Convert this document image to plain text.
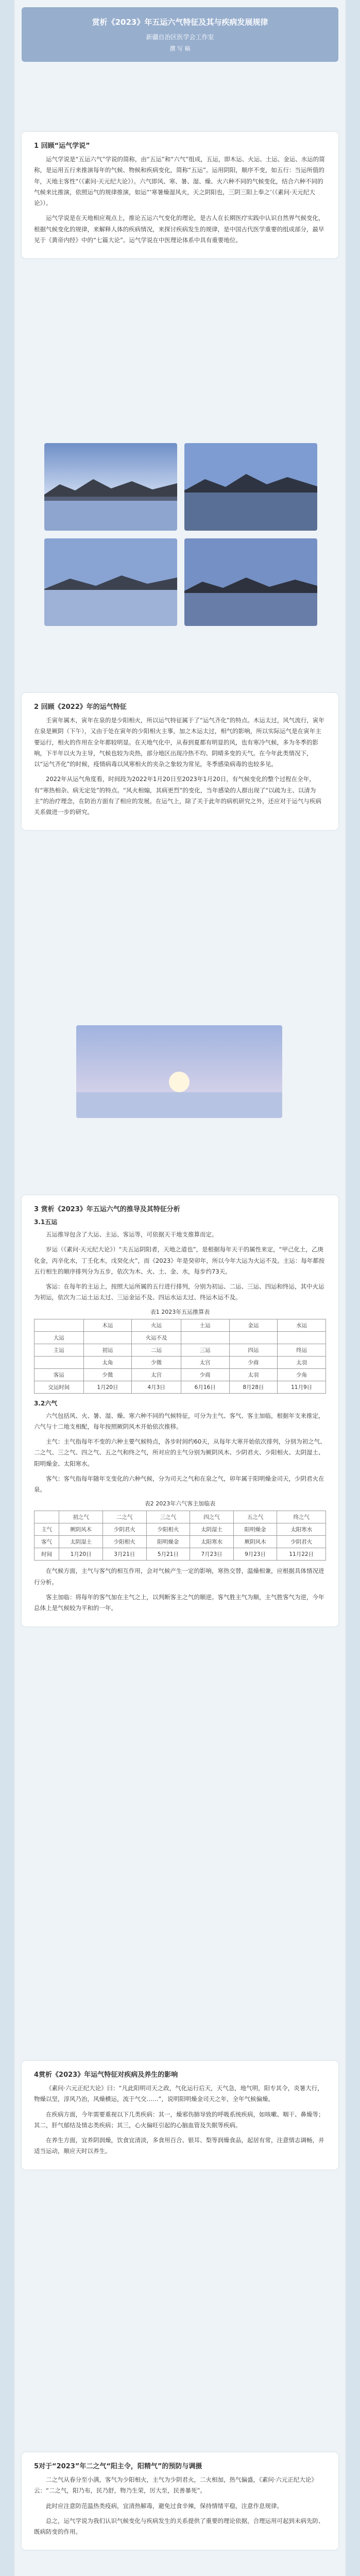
赏析《2023》年五运六气特征及其与疾病发展规律
新疆自治区医学会工作室
撰 写 稿
1 回顾“运气学说”

运气学说是“五运六气”学说的简称，由“五运”和“六气”组成，五运，即木运、火运、土运、金运、水运的简称，是运用五行来推演每年的气候、物候和疾病变化，简称“五运”。运用阴阳，顺序不变，如五行：当运所值的年，天地主客性“（《素问·天元纪大论》）。六气即风、寒、暑、湿、燥、火六种不同的气候变化，结合六种不同的气候来比推演，依照运气的规律推演，如运“‘寒暑燥湿风火，天之阴阳也，三阴三阳上奉之’（《素问·天元纪大论》）。

运气学说是在天地相应观点上，推论五运六气变化的理论，是古人在长期医疗实践中认识自然界气候变化，根据气候变化的规律，来解释人体的疾病情况，来探讨疾病发生的规律，是中国古代医学重要的组成部分，最早见于《黄帝内经》中的“七篇大论”。运气学说在中医理论体系中具有重要地位。

2 回顾《2022》年的运气特征

壬寅年属木，寅年在泉的是少阳相火，所以运气特征属于了“运气齐化”的特点。木运太过，风气流行，寅年在泉是厥阴（下午），又由于处在寅年的少阳相火主事，加之木运太过，相气的影响，所以实际运气是在寅年主要运行，相火的作用在全年都较明显。在天地气化中，从春到夏都有明显的风，也有寒冷气候，多为冬季的影响，下半年以火为主导，气候也较为炎热，部分地区出现冷热不均、阴晴多变的天气。在今年此类情况下，以“运气齐化”的时候，疫情病毒以风寒相火的夹杂之象较为常见，冬季感染病毒的也较多见。

2022年从运气角度看，时间段为2022年1月20日至2023年1月20日，有气候变化的整个过程在全年，有“寒热相杂、病无定处”的特点。“风火相煽，其病更烈”的变化，当年感染的人群出现了“以疏为主、以清为主”的治疗理念，在防治方面有了相应的发展。在运气上，除了关于此年的病机研究之外，还应对于运气与疾病关系做进一步的研究。

3 赏析《2023》年五运六气的推导及其特征分析
3.1五运

五运推导包含了大运、主运、客运等，可依据天干地支推算而定。

岁运（《素问·天元纪大论》）“夫五运阴阳者，天地之道也”，是根据每年天干的属性来定，“甲己化土，乙庚化金，丙辛化水，丁壬化木，戊癸化火”，而《2023》年是癸卯年，所以今年大运为火运不及。主运：每年都按五行相生的顺序排列分为五步，依次为木、火、土、金、水，每步约73天。

客运：在每年的主运上，按照大运所属的五行进行排列，分别为初运、二运、三运、四运和终运，其中火运为初运，依次为二运土运太过、三运金运不及、四运水运太过、终运木运不及。

表1 2023年五运推算表
	木运	火运	土运	金运	水运
大运		火运不及			
主运	初运	二运	三运	四运	终运
	太角	少徵	太宫	少商	太羽
客运	少徵	太宫	少商	太羽	少角
交运时间	1月20日	4月3日	6月16日	8月28日	11月9日
3.2六气

六气包括风、火、暑、湿、燥、寒六种不同的气候特征，可分为主气、客气、客主加临，根据年支来推定，六气与十二地支相配，每年按照厥阴风木开始依次推移。

主气：主气指每年不变的六种主要气候特点，各步时间约60天，从每年大寒开始依次排列，分别为初之气、二之气、三之气、四之气、五之气和终之气，所对应的主气分别为厥阴风木、少阴君火、少阳相火、太阴湿土、阳明燥金、太阳寒水。

客气：客气指每年随年支变化的六种气候，分为司天之气和在泉之气，卯年属于阳明燥金司天，少阴君火在泉。

表2 2023年六气客主加临表
	初之气	二之气	三之气	四之气	五之气	终之气
主气	厥阴风木	少阴君火	少阳相火	太阴湿土	阳明燥金	太阳寒水
客气	太阴湿土	少阳相火	阳明燥金	太阳寒水	厥阴风木	少阴君火
时间	1月20日	3月21日	5月21日	7月23日	9月23日	11月22日

在气候方面，主气与客气的相互作用，会对气候产生一定的影响，寒热交替，温燥相兼，应根据具体情况进行分析。

客主加临：将每年的客气加在主气之上，以判断客主之气的顺逆。客气胜主气为顺，主气胜客气为逆，今年总体上是气候较为平和的一年。

4赏析《2023》年运气特征对疾病及养生的影响

《素问·六元正纪大论》曰：“凡此阳明司天之政，气化运行后天，天气急，地气明，阳专其令，炎暑大行，物燥以坚，淳风乃治，风燥横运，流于气交……”，说明阳明燥金司天之年，全年气候偏燥。

在疾病方面，今年需要重视以下几类疾病：其一，燥邪伤肺导致的呼吸系统疾病，如咳嗽、咽干、鼻燥等；其二，肝气郁结及情志类疾病；其三，心火偏旺引起的心脑血管及失眠等疾病。

在养生方面，宜养阴润燥，饮食宜清淡，多食用百合、银耳、梨等润燥食品，起居有常，注意情志调畅，并适当运动，顺应天时以养生。

5对于“2023”年二之气“阳主令，阳精气”的预防与调摄

二之气从春分至小满，客气为少阳相火，主气为少阴君火，二火相加，热气偏盛，《素问·六元正纪大论》云：“二之气，阳乃布，民乃舒，物乃生荣，厉大至，民善暴死”。

此时应注意防范温热类疫病，宜清热解毒，避免过食辛辣，保持情绪平稳，注意作息规律。

总之，运气学说为我们认识气候变化与疾病发生的关系提供了重要的理论依据，合理运用可起到未病先防、既病防变的作用。
